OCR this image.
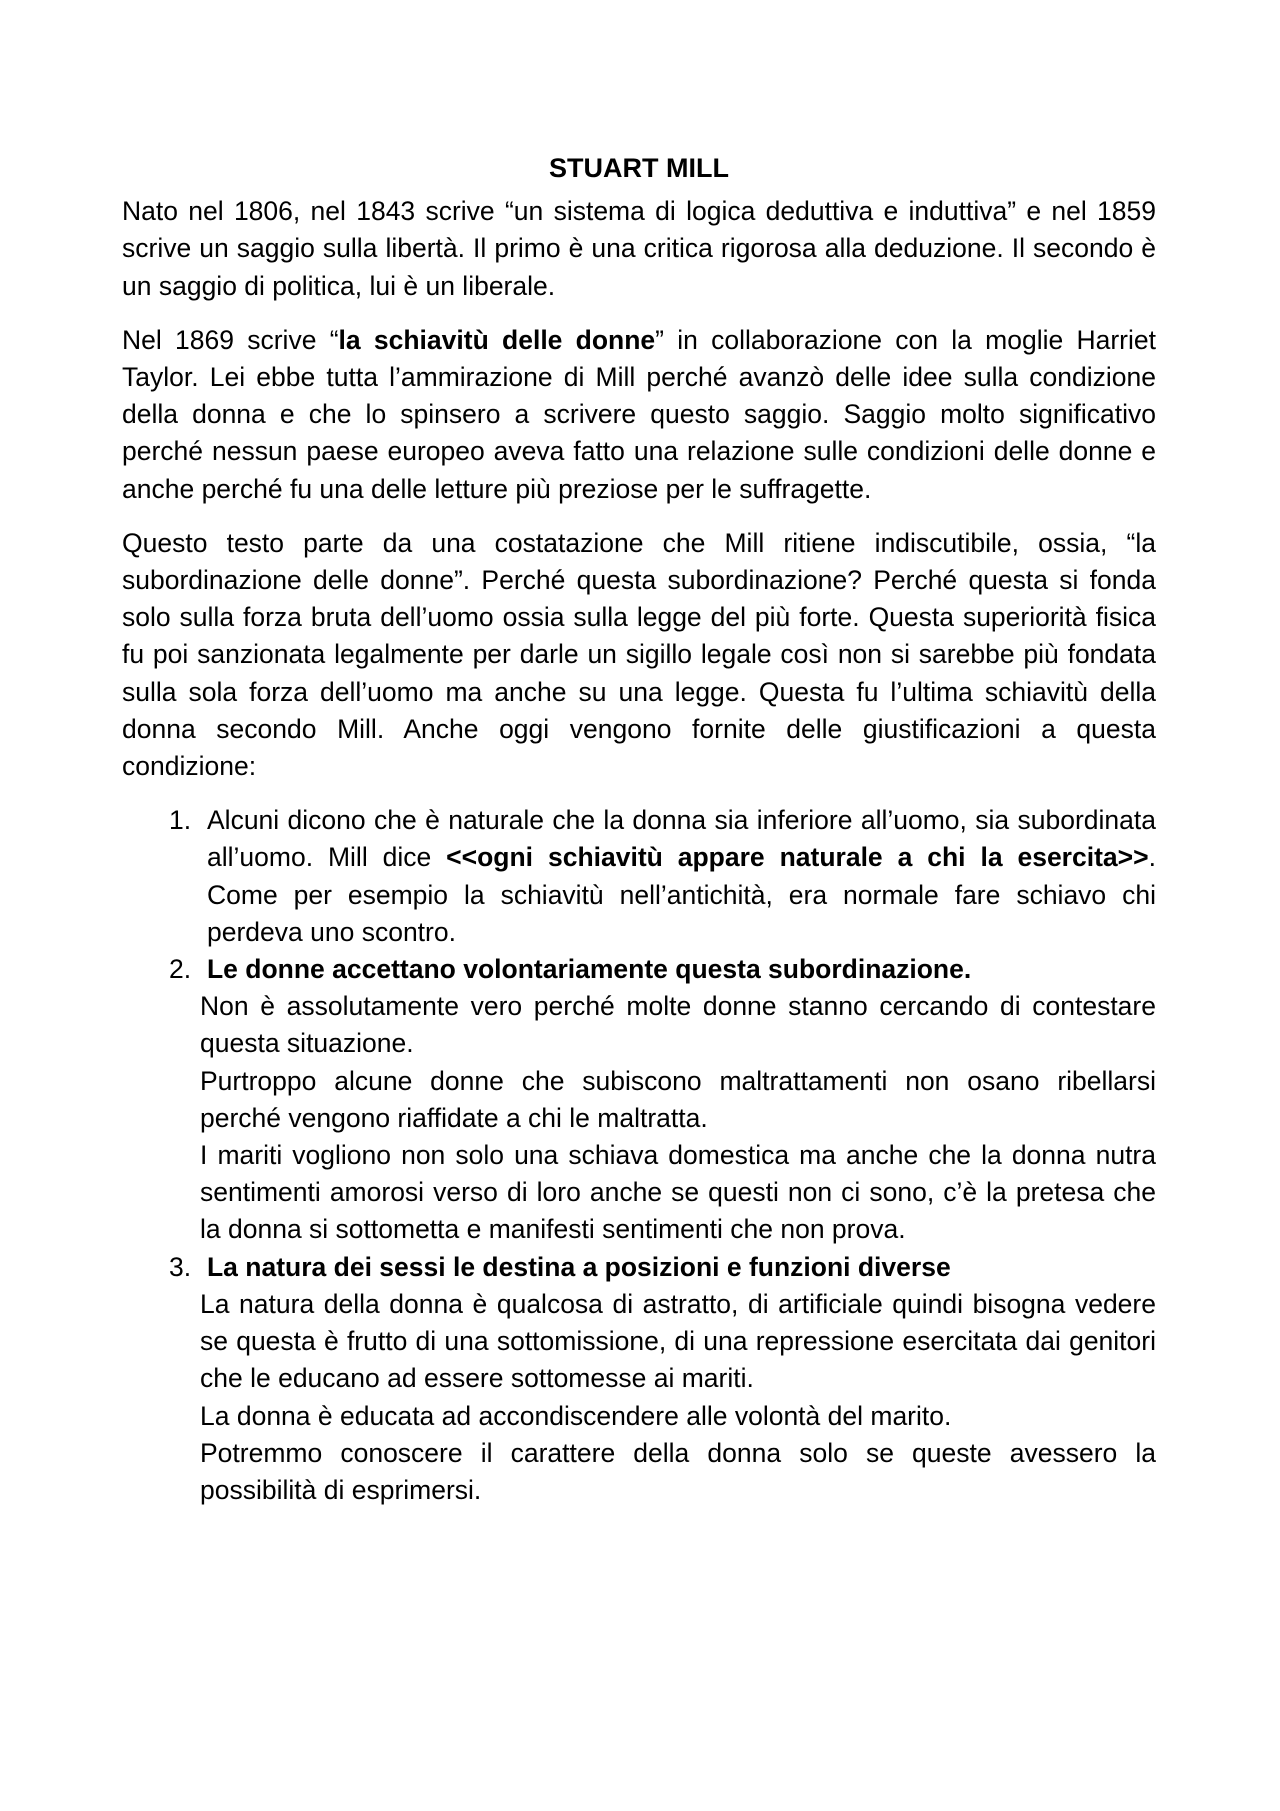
STUART MILL

Nato nel 1806, nel 1843 scrive “un sistema di logica deduttiva e induttiva” e nel 1859 scrive un saggio sulla libertà. Il primo è una critica rigorosa alla deduzione. Il secondo è un saggio di politica, lui è un liberale.

Nel 1869 scrive “la schiavitù delle donne” in collaborazione con la moglie Harriet Taylor. Lei ebbe tutta l’ammirazione di Mill perché avanzò delle idee sulla condizione della donna e che lo spinsero a scrivere questo saggio. Saggio molto significativo perché nessun paese europeo aveva fatto una relazione sulle condizioni delle donne e anche perché fu una delle letture più preziose per le suffragette.

Questo testo parte da una costatazione che Mill ritiene indiscutibile, ossia, “la subordinazione delle donne”. Perché questa subordinazione? Perché questa si fonda solo sulla forza bruta dell’uomo ossia sulla legge del più forte. Questa superiorità fisica fu poi sanzionata legalmente per darle un sigillo legale così non si sarebbe più fondata sulla sola forza dell’uomo ma anche su una legge. Questa fu l’ultima schiavitù della donna secondo Mill. Anche oggi vengono fornite delle giustificazioni a questa condizione:

1. Alcuni dicono che è naturale che la donna sia inferiore all’uomo, sia subordinata all’uomo. Mill dice <<ogni schiavitù appare naturale a chi la esercita>>. Come per esempio la schiavitù nell’antichità, era normale fare schiavo chi perdeva uno scontro.
2. Le donne accettano volontariamente questa subordinazione.
Non è assolutamente vero perché molte donne stanno cercando di contestare questa situazione.
Purtroppo alcune donne che subiscono maltrattamenti non osano ribellarsi perché vengono riaffidate a chi le maltratta.
I mariti vogliono non solo una schiava domestica ma anche che la donna nutra sentimenti amorosi verso di loro anche se questi non ci sono, c’è la pretesa che la donna si sottometta e manifesti sentimenti che non prova.
3. La natura dei sessi le destina a posizioni e funzioni diverse
La natura della donna è qualcosa di astratto, di artificiale quindi bisogna vedere se questa è frutto di una sottomissione, di una repressione esercitata dai genitori che le educano ad essere sottomesse ai mariti.
La donna è educata ad accondiscendere alle volontà del marito.
Potremmo conoscere il carattere della donna solo se queste avessero la possibilità di esprimersi.
